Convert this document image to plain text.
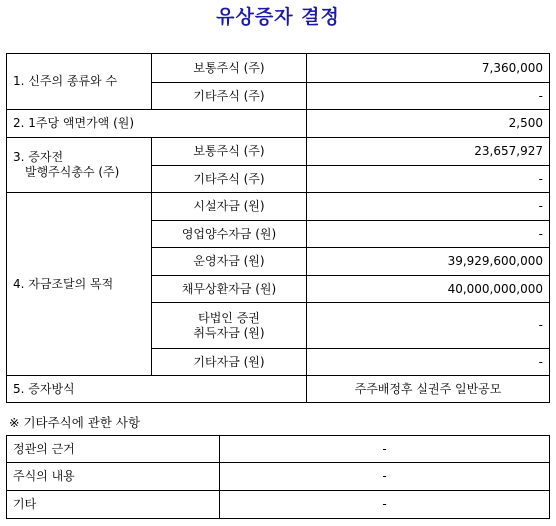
유상증자 결정
1. 신주의 종류와 수	보통주식 (주)	7,360,000
	기타주식 (주)	-
2. 1주당 액면가액 (원)		2,500

3. 증자전
발행주식총수 (주)	보통주식 (주)	23,657,927
	기타주식 (주)	-
4. 자금조달의 목적	시설자금 (원)	-
	영업양수자금 (원)	-
	운영자금 (원)	39,929,600,000
	채무상환자금 (원)	40,000,000,000

	타법인 증권
취득자금 (원)	-
	기타자금 (원)	-
5. 증자방식		주주배정후 실권주 일반공모
※ 기타주식에 관한 사항
정관의 근거	-
주식의 내용	-
기타	-
